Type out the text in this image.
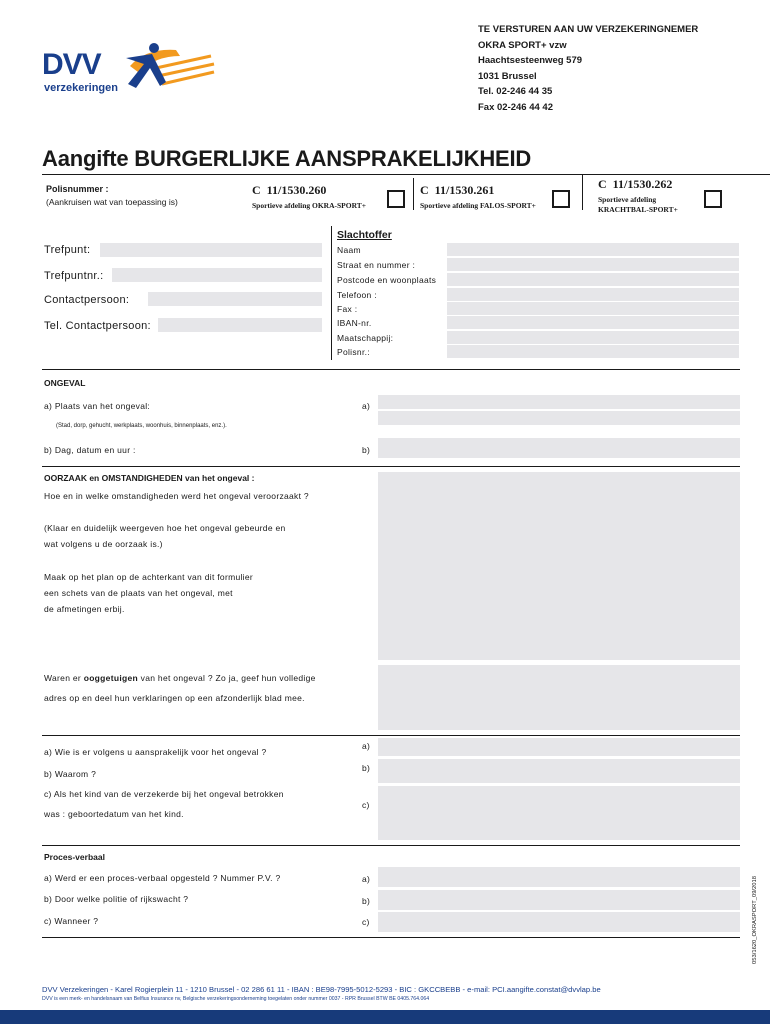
DVV
verzekeringen
TE VERSTUREN AAN UW VERZEKERINGNEMER
OKRA SPORT+ vzw
Haachtsesteenweg 579
1031 Brussel
Tel. 02-246 44 35
Fax 02-246 44 42
Aangifte BURGERLIJKE AANSPRAKELIJKHEID
Polisnummer :
(Aankruisen wat van toepassing is)
C  11/1530.260
Sportieve afdeling OKRA-SPORT+
C  11/1530.261
Sportieve afdeling FALOS-SPORT+
C  11/1530.262
Sportieve afdeling
KRACHTBAL-SPORT+
Trefpunt:
Trefpuntnr.:
Contactpersoon:
Tel. Contactpersoon:
Slachtoffer
Naam
Straat en nummer :
Postcode en woonplaats
Telefoon :
Fax :
IBAN-nr.
Maatschappij:
Polisnr.:
ONGEVAL
a) Plaats van het ongeval:	a)
(Stad, dorp, gehucht, werkplaats, woonhuis, binnenplaats, enz.).
b) Dag, datum en uur :	b)
OORZAAK en OMSTANDIGHEDEN van het ongeval :
Hoe en in welke omstandigheden werd het ongeval veroorzaakt ?
(Klaar en duidelijk weergeven hoe het ongeval gebeurde en
wat volgens u de oorzaak is.)
Maak op het plan op de achterkant van dit formulier
een schets van de plaats van het ongeval, met
de afmetingen erbij.
Waren er ooggetuigen van het ongeval ? Zo ja, geef hun volledige
adres op en deel hun verklaringen op een afzonderlijk blad mee.
a) Wie is er volgens u aansprakelijk voor het ongeval ?
b) Waarom ?
c) Als het kind van de verzekerde bij het ongeval betrokken
was : geboortedatum van het kind.
a)
b)
c)
Proces-verbaal
a) Werd er een proces-verbaal opgesteld ? Nummer P.V. ?
b) Door welke politie of rijkswacht ?
c) Wanneer ?
a)
b)
c)	053/1620_OKRASPORT_09/2018
DVV Verzekeringen - Karel Rogierplein 11 - 1210 Brussel - 02 286 61 11 - IBAN : BE98-7995-5012-5293 - BIC : GKCCBEBB - e-mail: PCI.aangifte.constat@dvvlap.be
DVV is een merk- en handelsnaam van Belfius Insurance nv, Belgische verzekeringsonderneming toegelaten onder nummer 0037 - RPR Brussel BTW BE 0405.764.064
